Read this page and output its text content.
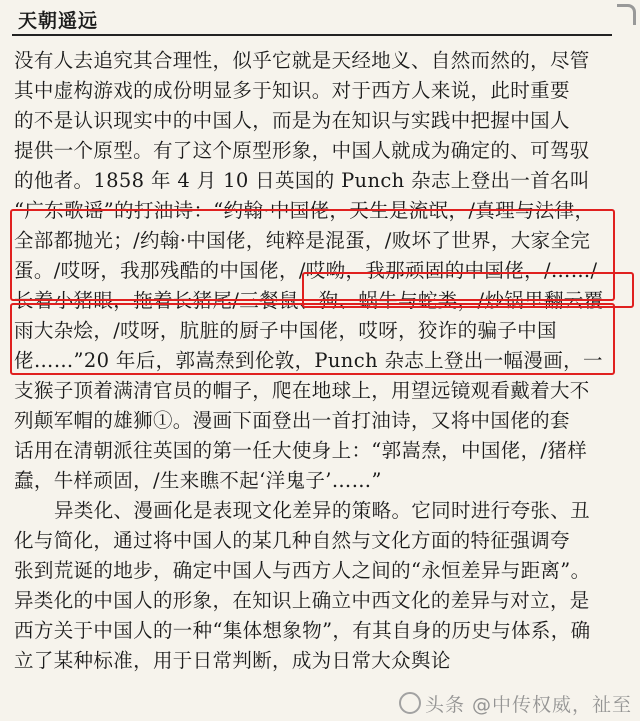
天朝遥远
没有人去追究其合理性，似乎它就是天经地义、自然而然的，尽管
其中虚构游戏的成份明显多于知识。对于西方人来说，此时重要
的不是认识现实中的中国人，而是为在知识与实践中把握中国人
提供一个原型。有了这个原型形象，中国人就成为确定的、可驾驭
的他者。1858 年 4 月 10 日英国的 Punch 杂志上登出一首名叫
“广东歌谣”的打油诗：“约翰·中国佬，天生是流氓，/真理与法律，
全部都抛光；/约翰·中国佬，纯粹是混蛋，/败坏了世界，大家全完
蛋。/哎呀，我那残酷的中国佬，/哎呦，我那顽固的中国佬，/……/
长着小猪眼，拖着长猪尾/三餐鼠、狗、蜗牛与蛇类，/炒锅里翻云覆
雨大杂烩，/哎呀，肮脏的厨子中国佬，哎呀，狡诈的骗子中国
佬……”20 年后，郭嵩焘到伦敦，Punch 杂志上登出一幅漫画，一
支猴子顶着满清官员的帽子，爬在地球上，用望远镜观看戴着大不
列颠军帽的雄狮①。漫画下面登出一首打油诗，又将中国佬的套
话用在清朝派往英国的第一任大使身上：“郭嵩焘，中国佬，/猪样
蠢，牛样顽固，/生来瞧不起‘洋鬼子’……”
异类化、漫画化是表现文化差异的策略。它同时进行夸张、丑
化与简化，通过将中国人的某几种自然与文化方面的特征强调夸
张到荒诞的地步，确定中国人与西方人之间的“永恒差异与距离”。
异类化的中国人的形象，在知识上确立中西文化的差异与对立，是
西方关于中国人的一种“集体想象物”，有其自身的历史与体系，确
立了某种标准，用于日常判断，成为日常大众舆论
头条 @中传权威，祉至
